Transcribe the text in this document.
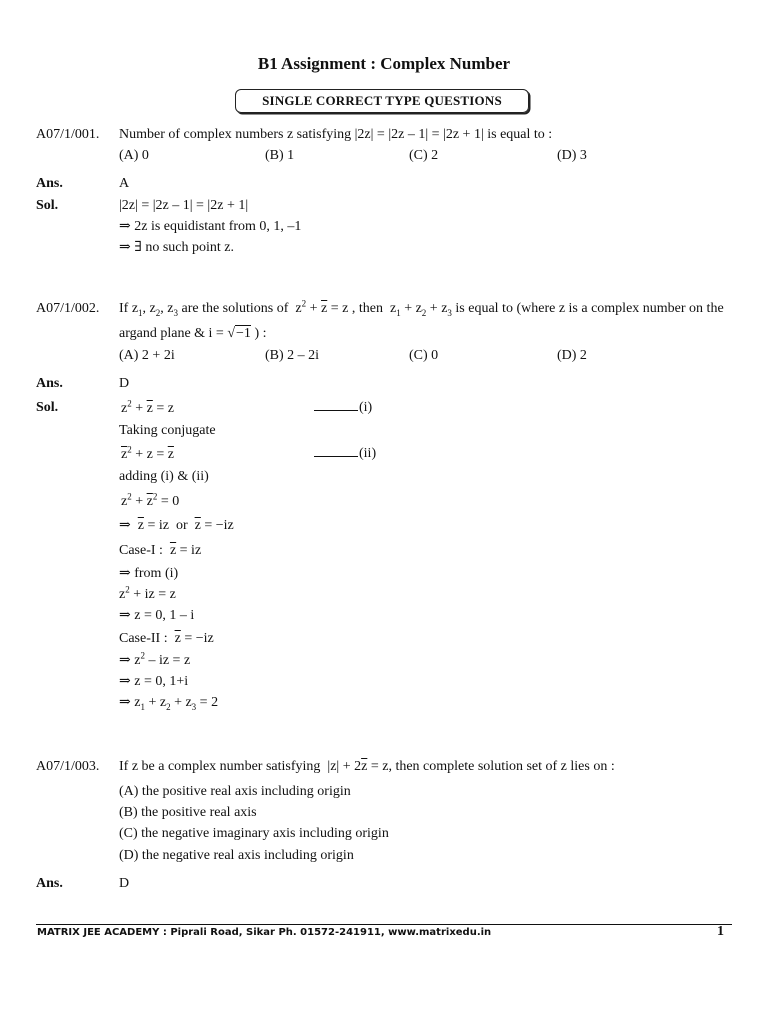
B1 Assignment : Complex Number
SINGLE CORRECT TYPE QUESTIONS
A07/1/001. Number of complex numbers z satisfying |2z| = |2z – 1| = |2z + 1| is equal to :
(A) 0	(B) 1	(C) 2	(D) 3
Ans.	A
Sol.	|2z| = |2z – 1| = |2z + 1|
⇒ 2z is equidistant from 0, 1, –1
⇒ ∃ no such point z.
A07/1/002. If $z_1$, $z_2$, $z_3$ are the solutions of  $z^2 + \overline{z} = z$ , then  $z_1 + z_2 + z_3$ is equal to (where z is a complex number on the
argand plane & i = √−1 ) :
(A) 2 + 2i	(B) 2 – 2i	(C) 0	(D) 2
Ans.	D
Sol.	$z^2 + \overline{z} = z$	(i)
Taking conjugate
$\overline{z}^2 + z = \overline{z}$	(ii)
adding (i) & (ii)
$z^2 + \overline{z}^2 = 0$
⇒  $\overline{z}$ = iz  or  $\overline{z} = -iz$
Case-I :  $\overline{z}$ = iz
⇒ from (i)
$z^2$ + iz = z
⇒ z = 0, 1 – i
Case-II :  $\overline{z} = -iz$
⇒ $z^2$ – iz = z
⇒ z = 0, 1+i
⇒ $z_1 + z_2 + z_3 = 2$
A07/1/003. If z be a complex number satisfying  $|z| + 2\overline{z} = z$, then complete solution set of z lies on :
(A) the positive real axis including origin
(B) the positive real axis
(C) the negative imaginary axis including origin
(D) the negative real axis including origin
Ans.	D
MATRIX JEE ACADEMY : Piprali Road, Sikar Ph. 01572-241911, www.matrixedu.in	1
